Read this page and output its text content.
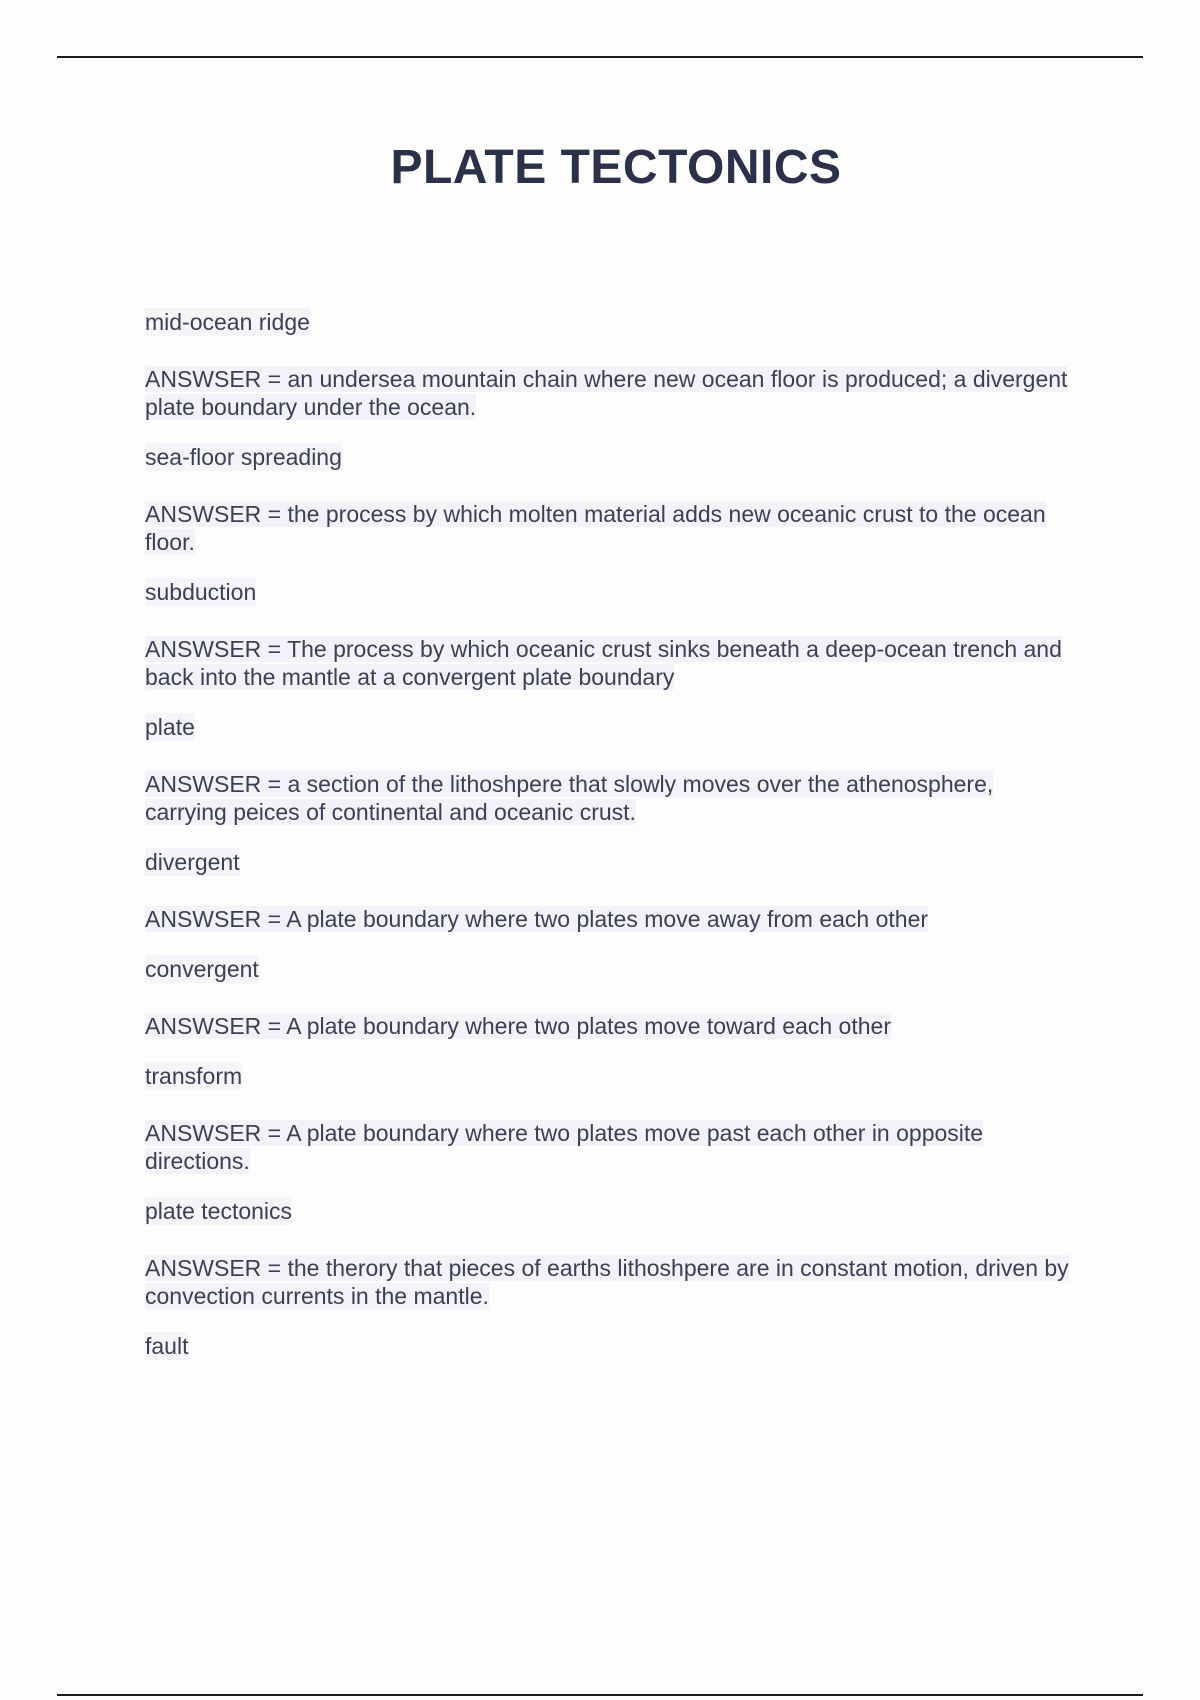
PLATE TECTONICS
mid-ocean ridge

ANSWSER = an undersea mountain chain where new ocean floor is produced; a divergent plate boundary under the ocean.

sea-floor spreading

ANSWSER = the process by which molten material adds new oceanic crust to the ocean floor.

subduction

ANSWSER = The process by which oceanic crust sinks beneath a deep-ocean trench and back into the mantle at a convergent plate boundary

plate

ANSWSER = a section of the lithoshpere that slowly moves over the athenosphere, carrying peices of continental and oceanic crust.

divergent

ANSWSER = A plate boundary where two plates move away from each other

convergent

ANSWSER = A plate boundary where two plates move toward each other

transform

ANSWSER = A plate boundary where two plates move past each other in opposite directions.

plate tectonics

ANSWSER = the therory that pieces of earths lithoshpere are in constant motion, driven by convection currents in the mantle.

fault
